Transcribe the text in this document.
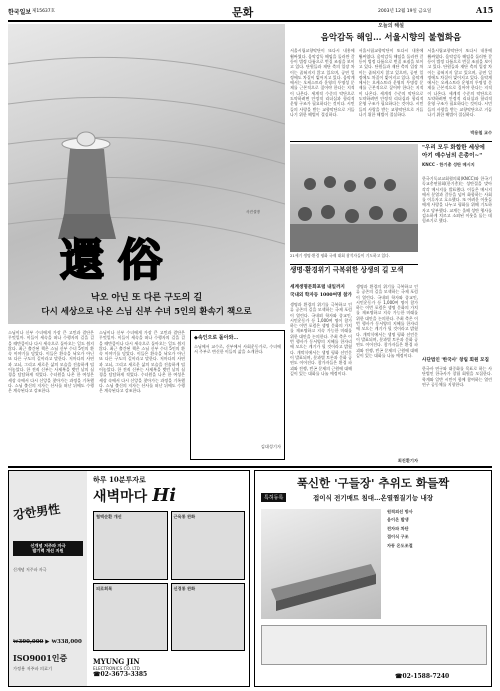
한국일보 제15637호	문화	2003년 12월 19일 금요일	A15
사진설명
還俗
낙오 아닌 또 다른 구도의 길
다시 세상으로 나온 스님 신부 수녀 5인의 환속기 책으로

스님이나 신부 수녀에게 가장 큰 고민과 결단은 무엇일까. 이들이 세속을 떠나 수행자의 길을 걸을 때만큼이나 다시 세속으로 돌아오는 일도 쉽지 않다. 최근 출간된 책은 스님 신부 수녀 5인의 환속 이야기를 담았다. 이들은 환속을 낙오가 아닌 또 다른 구도의 길이라고 말한다. 저마다의 사연과 고뇌, 그리고 새로운 삶의 모습을 진솔하게 털어놓았다. 한 전직 신부는 사제복을 벗던 날의 심경을 담담하게 적었다. 수녀원을 나온 한 여성은 세상 속에서 다시 신앙을 찾아가는 과정을 기록했다. 스님 출신의 저자는 산사를 떠난 뒤에도 수행은 계속된다고 강조한다.

스님이나 신부 수녀에게 가장 큰 고민과 결단은 무엇일까. 이들이 세속을 떠나 수행자의 길을 걸을 때만큼이나 다시 세속으로 돌아오는 일도 쉽지 않다. 최근 출간된 책은 스님 신부 수녀 5인의 환속 이야기를 담았다. 이들은 환속을 낙오가 아닌 또 다른 구도의 길이라고 말한다. 저마다의 사연과 고뇌, 그리고 새로운 삶의 모습을 진솔하게 털어놓았다. 한 전직 신부는 사제복을 벗던 날의 심경을 담담하게 적었다. 수녀원을 나온 한 여성은 세상 속에서 다시 신앙을 찾아가는 과정을 기록했다. 스님 출신의 저자는 산사를 떠난 뒤에도 수행은 계속된다고 강조한다.

◆속인으로 돌아와…

스님에서 교수로, 신부에서 사회운동가로, 수녀에서 주부로 변신한 이들의 삶을 소개한다.

김대성기자
오늘의 해설
음악감독 해임… 서울시향의 불협화음

서울시립교향악단이 또다시 내홍에 휩싸였다. 음악감독 해임을 둘러싼 갈등이 법정 다툼으로 번질 조짐을 보이고 있다. 단원들과 재단 측의 입장 차이는 좁혀지지 않고 있으며, 공연 일정에도 차질이 빚어지고 있다. 음악계에서는 오케스트라 운영의 투명성 문제를 근본적으로 짚어야 한다는 지적이 나온다. 세계적 수준의 악단으로 도약하려면 안정적 리더십과 합리적 운영 구조가 필요하다는 것이다. 시민들의 사랑을 받는 교향악단으로 거듭나기 위한 해법이 절실하다.

서울시립교향악단이 또다시 내홍에 휩싸였다. 음악감독 해임을 둘러싼 갈등이 법정 다툼으로 번질 조짐을 보이고 있다. 단원들과 재단 측의 입장 차이는 좁혀지지 않고 있으며, 공연 일정에도 차질이 빚어지고 있다. 음악계에서는 오케스트라 운영의 투명성 문제를 근본적으로 짚어야 한다는 지적이 나온다. 세계적 수준의 악단으로 도약하려면 안정적 리더십과 합리적 운영 구조가 필요하다는 것이다. 시민들의 사랑을 받는 교향악단으로 거듭나기 위한 해법이 절실하다.

서울시립교향악단이 또다시 내홍에 휩싸였다. 음악감독 해임을 둘러싼 갈등이 법정 다툼으로 번질 조짐을 보이고 있다. 단원들과 재단 측의 입장 차이는 좁혀지지 않고 있으며, 공연 일정에도 차질이 빚어지고 있다. 음악계에서는 오케스트라 운영의 투명성 문제를 근본적으로 짚어야 한다는 지적이 나온다. 세계적 수준의 악단으로 도약하려면 안정적 리더십과 합리적 운영 구조가 필요하다는 것이다. 시민들의 사랑을 받는 교향악단으로 거듭나기 위한 해법이 절실하다.

박용철 교수
21세기 생명·환경 평화 국제 대회 참석자들이 기도하고 있다.
"우리 모두 화합한 세상에
아기 예수님의 은총이~"
KNCC · 한기총 성탄 메시지

한국기독교교회협의회(KNCC)와 한국기독교총연합회(한기총)는 성탄절을 맞아 각각 메시지를 발표했다. 이들은 메시지에서 분열과 갈등을 넘어 화합하는 사회를 이루자고 호소했다. 또 어려운 이웃들에게 사랑을 나누고 평화를 위해 기도하자고 당부했다. 교계는 올해 성탄 행사를 검소하게 치르고 소외된 이웃을 돕는 데 힘쓰기로 했다.

사단법인 '한국사' 창립 회원 모집

한국사 연구와 대중화를 목표로 하는 사단법인 한국사가 창립 회원을 모집한다. 학계와 일반 시민이 함께 참여하는 열린 연구 공동체를 지향한다.

생명·환경위기 극복위한 상생의 길 모색
세계생명문화포럼 내일까지
국내외 학자등 1000여명 참가

생명과 환경의 위기를 극복하고 인류 공존의 길을 모색하는 국제 포럼이 열린다. 국내외 학자와 종교인, 시민운동가 등 1,000여 명이 참가하는 이번 포럼은 생명 문화의 가치를 재조명하고 지속 가능한 미래를 위한 대안을 논의한다. 주최 측은 이번 행사가 동서양의 지혜를 한자리에 모으는 계기가 될 것이라고 밝혔다. 개막식에서는 생명 평화 선언문이 발표되며, 분과별 토론과 문화 공연도 이어진다. 참가자들은 환경 파괴와 전쟁, 빈곤 문제의 근원에 대해 깊이 있는 대화를 나눌 예정이다.

생명과 환경의 위기를 극복하고 인류 공존의 길을 모색하는 국제 포럼이 열린다. 국내외 학자와 종교인, 시민운동가 등 1,000여 명이 참가하는 이번 포럼은 생명 문화의 가치를 재조명하고 지속 가능한 미래를 위한 대안을 논의한다. 주최 측은 이번 행사가 동서양의 지혜를 한자리에 모으는 계기가 될 것이라고 밝혔다. 개막식에서는 생명 평화 선언문이 발표되며, 분과별 토론과 문화 공연도 이어진다. 참가자들은 환경 파괴와 전쟁, 빈곤 문제의 근원에 대해 깊이 있는 대화를 나눌 예정이다.

최진환기자
강한男性
신개념 저주파 자극
발기력 개선 지원

신개념 저주파 자극

₩390,000 ▶ ₩338,000
ISO9001인증
가정용 저주파 의료기
하루 10분투자로
새벽마다 Hi
혈액순환 개선	근육통 완화
피로회복	신경통 완화
MYUNG JIN
ELECTRONICS CO. LTD
☎02-3673-3385
푹신한 '구들장' 추위도 화들짝
접이식 전기매트 침대…온열찜질기능 내장
특허등록
원적외선 방사
음이온 발생
전자파 차단
접이식 구조
자동 온도조절
☎02-1588-7240
